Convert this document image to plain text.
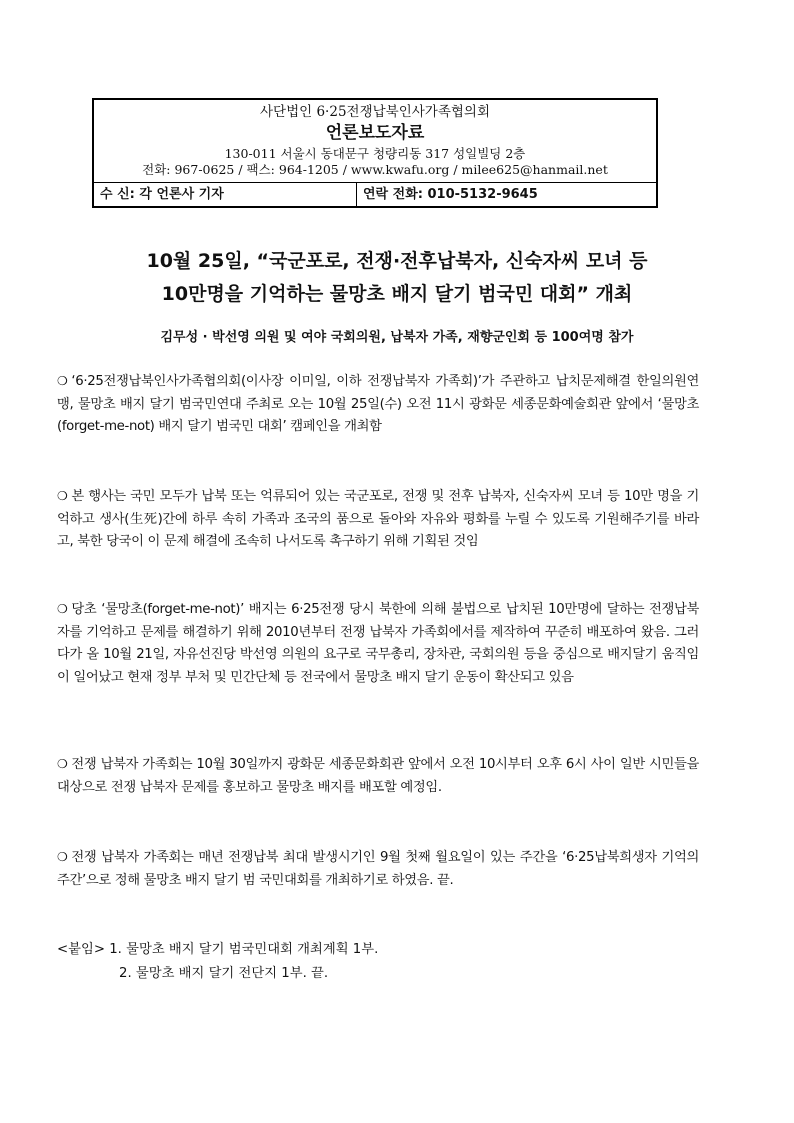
사단법인 6·25전쟁납북인사가족협의회
언론보도자료
130-011 서울시 동대문구 청량리동 317 성일빌딩 2층
전화: 967-0625 / 팩스: 964-1205 / www.kwafu.org / milee625@hanmail.net
수 신: 각 언론사 기자	연락 전화: 010-5132-9645
10월 25일, “국군포로, 전쟁·전후납북자, 신숙자씨 모녀 등
10만명을 기억하는 물망초 배지 달기 범국민 대회” 개최
김무성 · 박선영 의원 및 여야 국회의원, 납북자 가족, 재향군인회 등 100여명 참가
❍ ‘6·25전쟁납북인사가족협의회(이사장 이미일, 이하 전쟁납북자 가족회)’가 주관하고 납치문제해결 한일의원연맹, 물망초 배지 달기 범국민연대 주최로 오는 10월 25일(수) 오전 11시 광화문 세종문화예술회관 앞에서 ‘물망초(forget-me-not) 배지 달기 범국민 대회’ 캠페인을 개최함
❍ 본 행사는 국민 모두가 납북 또는 억류되어 있는 국군포로, 전쟁 및 전후 납북자, 신숙자씨 모녀 등 10만 명을 기억하고 생사(生死)간에 하루 속히 가족과 조국의 품으로 돌아와 자유와 평화를 누릴 수 있도록 기원해주기를 바라고, 북한 당국이 이 문제 해결에 조속히 나서도록 촉구하기 위해 기획된 것임
❍ 당초 ‘물망초(forget-me-not)’ 배지는 6·25전쟁 당시 북한에 의해 불법으로 납치된 10만명에 달하는 전쟁납북자를 기억하고 문제를 해결하기 위해 2010년부터 전쟁 납북자 가족회에서를 제작하여 꾸준히 배포하여 왔음. 그러다가 올 10월 21일, 자유선진당 박선영 의원의 요구로 국무총리, 장차관, 국회의원 등을 중심으로 배지달기 움직임이 일어났고 현재 정부 부처 및 민간단체 등 전국에서 물망초 배지 달기 운동이 확산되고 있음
❍ 전쟁 납북자 가족회는 10월 30일까지 광화문 세종문화회관 앞에서 오전 10시부터 오후 6시 사이 일반 시민들을 대상으로 전쟁 납북자 문제를 홍보하고 물망초 배지를 배포할 예정임.
❍ 전쟁 납북자 가족회는 매년 전쟁납북 최대 발생시기인 9월 첫째 월요일이 있는 주간을 ‘6·25납북희생자 기억의 주간’으로 정해 물망초 배지 달기 범 국민대회를 개최하기로 하였음. 끝.
<붙임> 1. 물망초 배지 달기 범국민대회 개최계획 1부.
2. 물망초 배지 달기 전단지 1부. 끝.
